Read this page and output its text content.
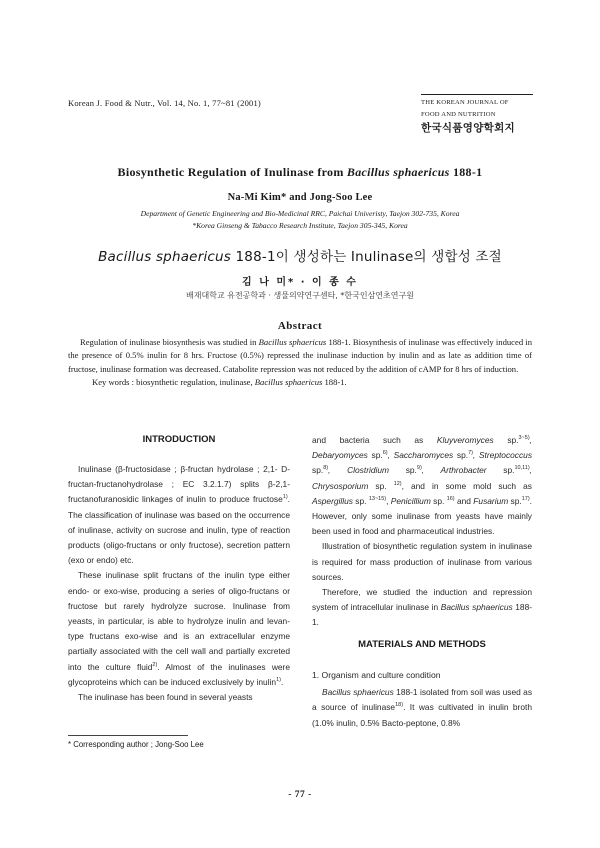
Korean J. Food & Nutr., Vol. 14, No. 1, 77~81 (2001)	THE KOREAN JOURNAL OF
FOOD AND NUTRITION
한국식품영양학회지
Biosynthetic Regulation of Inulinase from Bacillus sphaericus 188-1
Na-Mi Kim* and Jong-Soo Lee
Department of Genetic Engineering and Bio-Medicinal RRC, Paichai Univeristy, Taejon 302-735, Korea
*Korea Ginseng & Tabacco Research Institute, Taejon 305-345, Korea
Bacillus sphaericus 188-1이 생성하는 Inulinase의 생합성 조절
김 나 미* · 이 종 수
배재대학교 유전공학과 · 생물의약연구센타, *한국인삼연초연구원
Abstract

Regulation of inulinase biosynthesis was studied in Bacillus sphaericus 188-1. Biosynthesis of inulinase was effectively induced in the presence of 0.5% inulin for 8 hrs. Fructose (0.5%) repressed the inulinase induction by inulin and as late as addition time of fructose, inulinase formation was decreased. Catabolite repression was not reduced by the addition of cAMP for 8 hrs of induction.

Key words : biosynthetic regulation, inulinase, Bacillus sphaericus 188-1.

INTRODUCTION

Inulinase (β-fructosidase ; β-fructan hydrolase ; 2,1- D-fructan-fructanohydrolase ; EC 3.2.1.7) splits β-2,1-fructanofuranosidic linkages of inulin to produce fructose$^{1)}$. The classification of inulinase was based on the occurrence of inulinase, activity on sucrose and inulin, type of reaction products (oligo-fructans or only fructose), secretion pattern (exo or endo) etc.

These inulinase split fructans of the inulin type either endo- or exo-wise, producing a series of oligo-fructans or fructose but rarely hydrolyze sucrose. Inulinase from yeasts, in particular, is able to hydrolyze inulin and levan-type fructans exo-wise and is an extracellular enzyme partially associated with the cell wall and partially excreted into the culture fluid$^{2)}$. Almost of the inulinases were glycoproteins which can be induced exclusively by inulin$^{1)}$.

The inulinase has been found in several yeasts

and bacteria such as Kluyveromyces sp.$^{3\sim 5)}$, Debaryomyces sp.$^{6)}$, Saccharomyces sp.$^{7)}$, Streptococcus sp.$^{8)}$, Clostridium sp.$^{9)}$, Arthrobacter sp.$^{10,11)}$, Chrysosporium sp. $^{12)}$, and in some mold such as Aspergillus sp. $^{13\sim 15)}$, Penicillium sp. $^{16)}$ and Fusarium sp.$^{17)}$. However, only some inulinase from yeasts have mainly been used in food and pharmaceutical industries.

Illustration of biosynthetic regulation system in inulinase is required for mass production of inulinase from various sources.

Therefore, we studied the induction and repression system of intracellular inulinase in Bacillus sphaericus 188-1.

MATERIALS AND METHODS
1. Organism and culture condition

Bacillus sphaericus 188-1 isolated from soil was used as a source of inulinase$^{18)}$. It was cultivated in inulin broth (1.0% inulin, 0.5% Bacto-peptone, 0.8%

* Corresponding author ; Jong-Soo Lee
- 77 -
